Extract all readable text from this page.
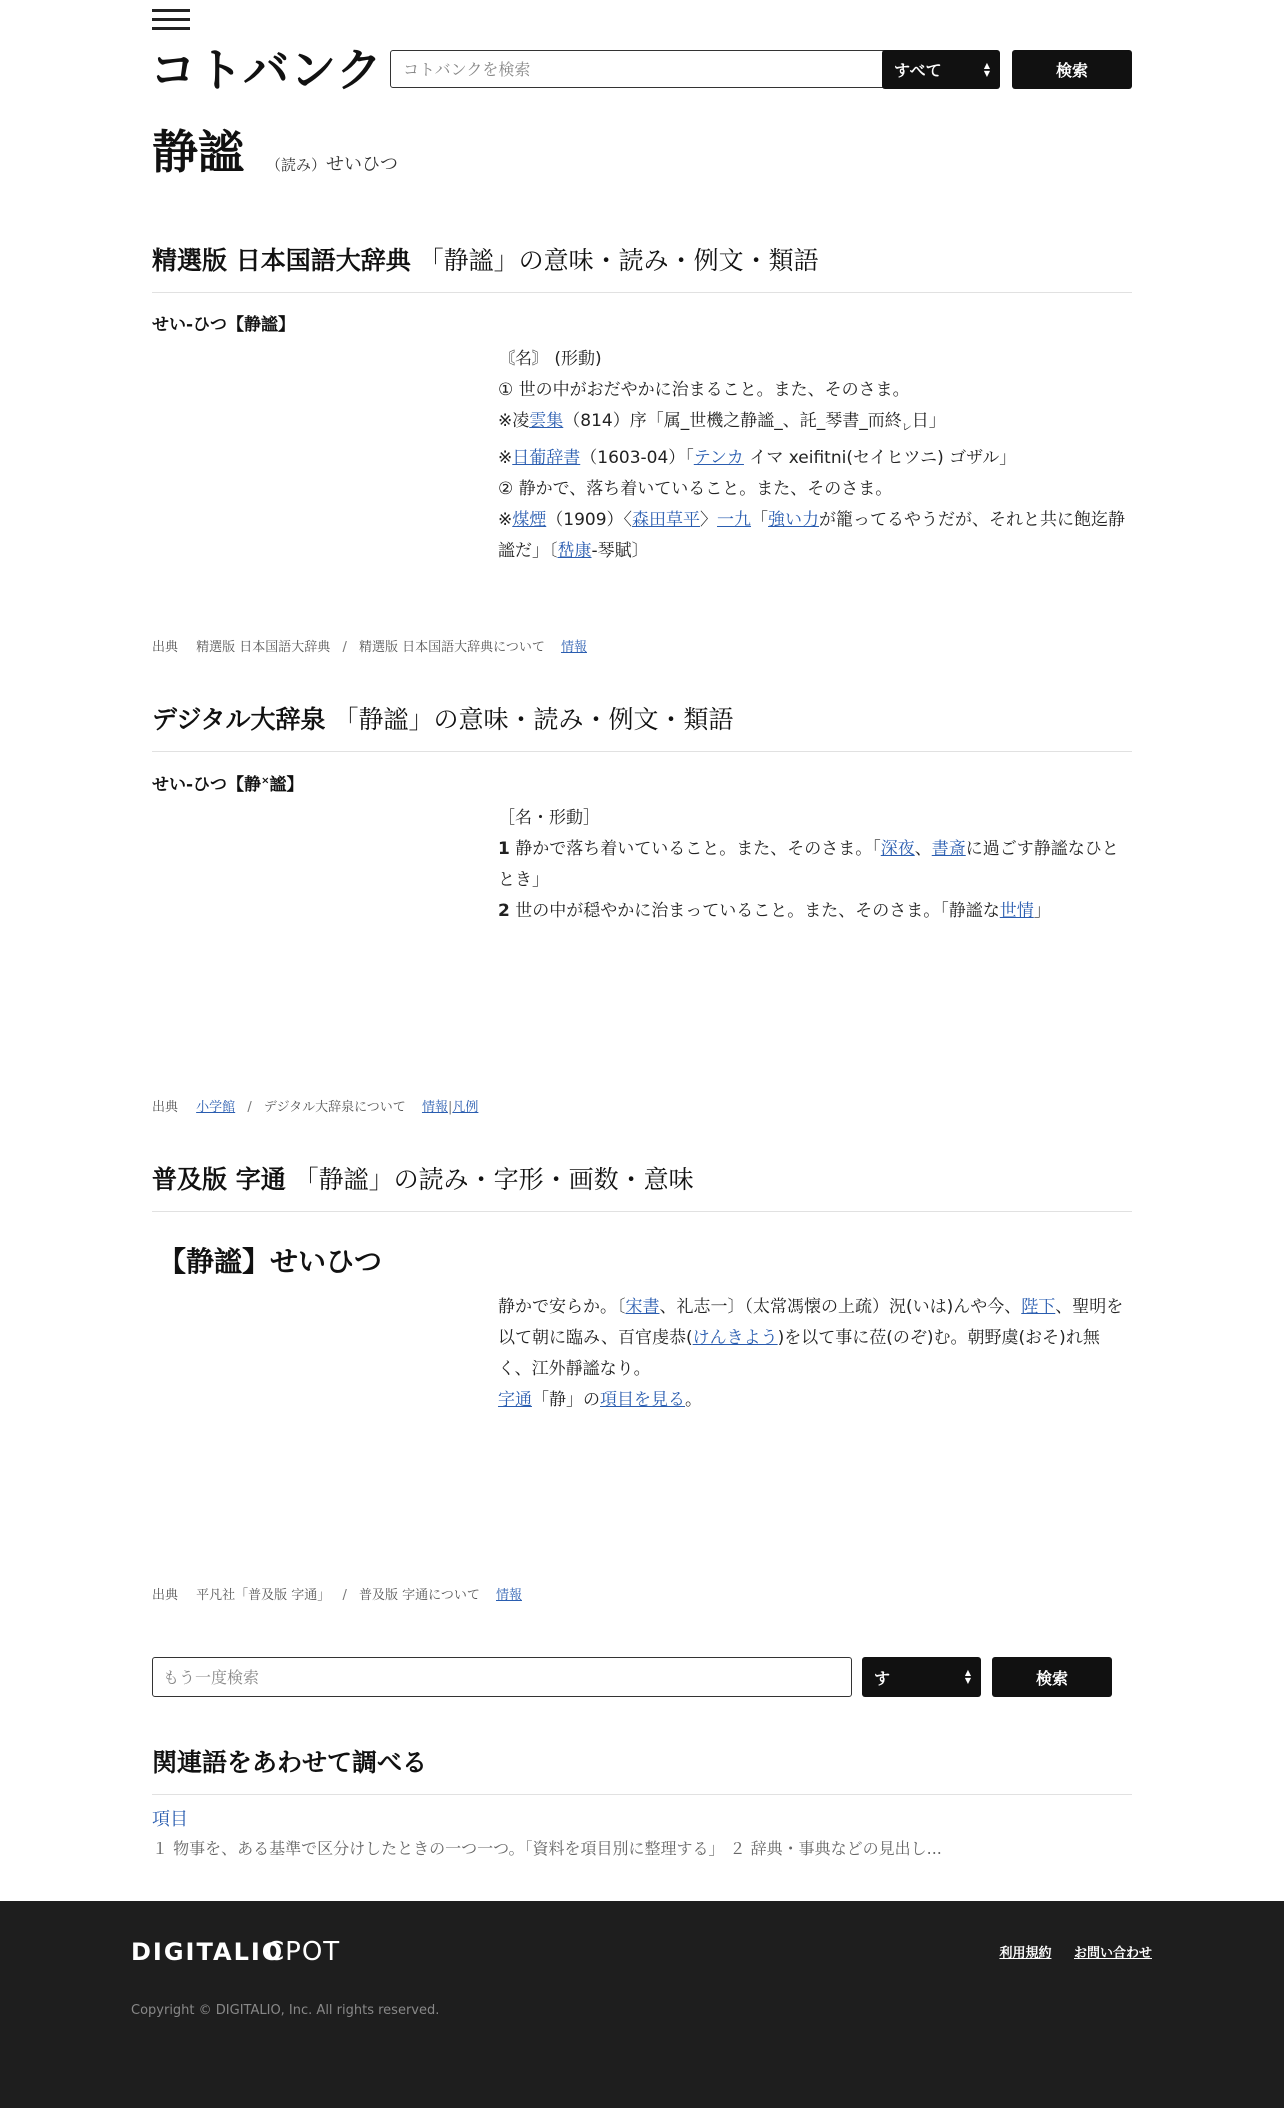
コトバンク
コトバンクを検索	すべて	▲
▼	検索
静謐 （読み）せいひつ
精選版 日本国語大辞典 「静謐」の意味・読み・例文・類語
せい‐ひつ【静謐】

〘名〙 (形動)

① 世の中がおだやかに治まること。また、そのさま。

※凌雲集（814）序「属_世機之静謐_、託_琴書_而終$_レ$日」

※日葡辞書（1603‐04）「テンカ イマ xeifitni(セイヒツニ) ゴザル」

② 静かで、落ち着いていること。また、そのさま。

※煤煙（1909）〈森田草平〉一九「強い力が籠ってるやうだが、それと共に飽迄静謐だ」〔嵆康‐琴賦〕

出典 精選版 日本国語大辞典 / 精選版 日本国語大辞典について 情報
デジタル大辞泉 「静謐」の意味・読み・例文・類語
せい‐ひつ【静×謐】

［名・形動］

1 静かで落ち着いていること。また、そのさま。「深夜、書斎に過ごす静謐なひととき」

2 世の中が穏やかに治まっていること。また、そのさま。「静謐な世情」

出典 小学館 / デジタル大辞泉について 情報|凡例
普及版 字通 「静謐」の読み・字形・画数・意味
【静謐】せいひつ

静かで安らか。〔宋書、礼志一〕（太常馮懐の上疏）況(いは)んや今、陛下、聖明を以て朝に臨み、百官虔恭(けんきよう)を以て事に莅(のぞ)む。朝野虞(おそ)れ無く、江外靜謐なり。

字通「静」の項目を見る。

出典 平凡社「普及版 字通」 / 普及版 字通について 情報
もう一度検索
す	▲
▼	検索
関連語をあわせて調べる
項目
１ 物事を、ある基準で区分けしたときの一つ一つ。「資料を項目別に整理する」 ２ 辞典・事典などの見出し...
DIGITALIO
CPOT	利用規約 お問い合わせ
Copyright © DIGITALIO, Inc. All rights reserved.
